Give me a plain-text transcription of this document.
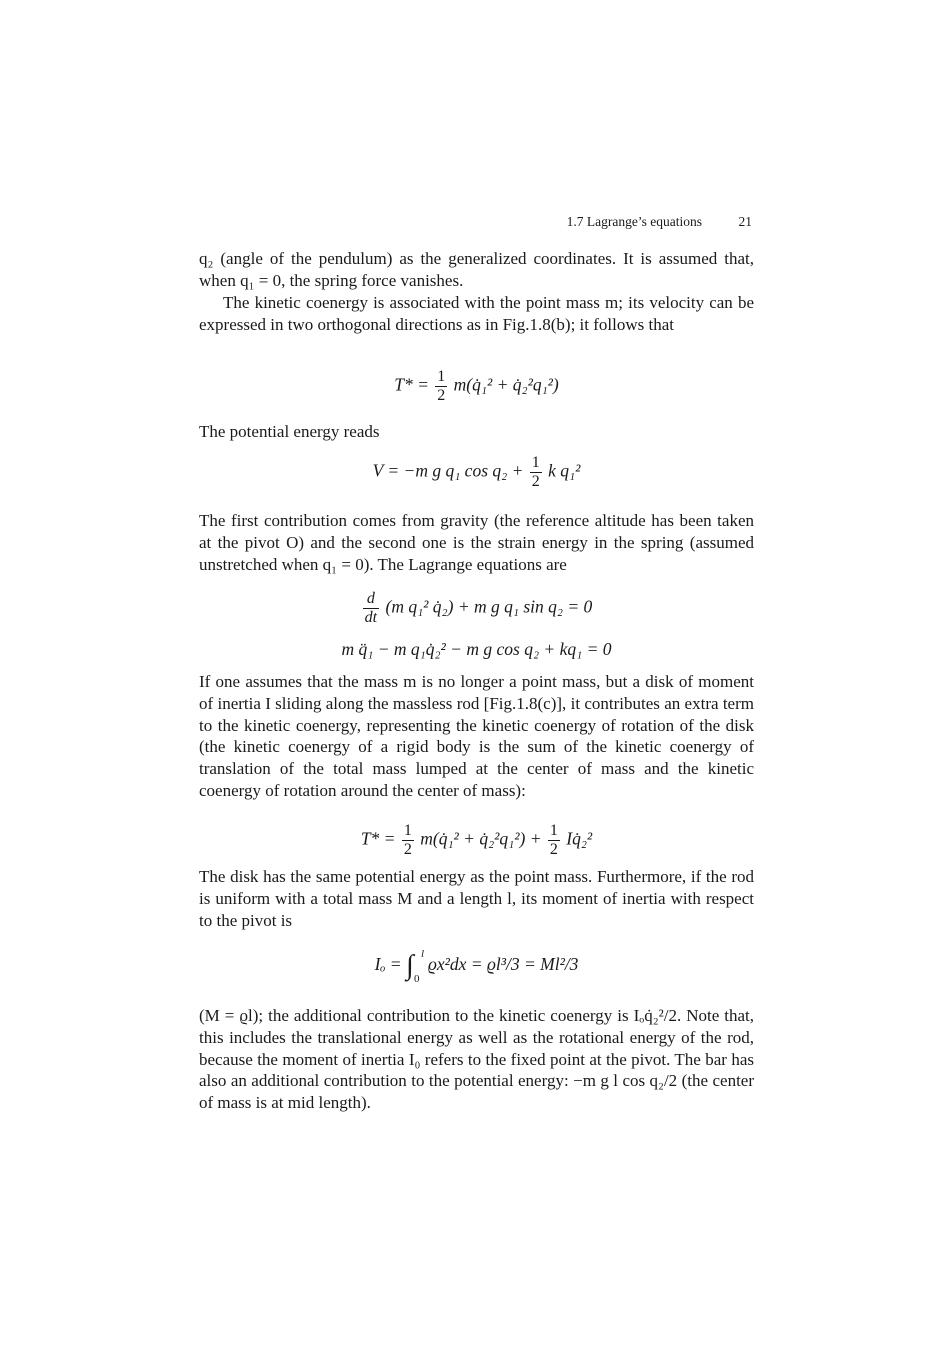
1.7 Lagrange’s equations	21

q₂ (angle of the pendulum) as the generalized coordinates. It is assumed that, when q₁ = 0, the spring force vanishes.

The kinetic coenergy is associated with the point mass m; its velocity can be expressed in two orthogonal directions as in Fig.1.8(b); it follows that

$T* = \frac{1}{2}$ m(q̇₁² + q̇₂²q₁²)

The potential energy reads

V = −m g q₁ $\cos q_2 + \frac{1}{2}$ k q₁²

The first contribution comes from gravity (the reference altitude has been taken at the pivot O) and the second one is the strain energy in the spring (assumed unstretched when q₁ = 0). The Lagrange equations are

$\frac{d}{dt} (m$ q₁² q̇₂) + m g q₁ sin q₂ = 0
m q̈₁ − m q₁q̇₂² − m g cos q₂ + kq₁ = 0

If one assumes that the mass m is no longer a point mass, but a disk of moment of inertia I sliding along the massless rod [Fig.1.8(c)], it contributes an extra term to the kinetic coenergy, representing the kinetic coenergy of rotation of the disk (the kinetic coenergy of a rigid body is the sum of the kinetic coenergy of translation of the total mass lumped at the center of mass and the kinetic coenergy of rotation around the center of mass):

$T* = \frac{1}{2}$ m(q̇₁² + q̇₂²q₁²) + $\frac{1}{2}$ Iq̇₂²

The disk has the same potential energy as the point mass. Furthermore, if the rod is uniform with a total mass M and a length l, its moment of inertia with respect to the pivot is

Iₒ = ∫ l
0
ϱx²dx = ϱl³/3 = Ml²/3

(M = ϱl); the additional contribution to the kinetic coenergy is Iₒq̇₂²/2. Note that, this includes the translational energy as well as the rotational energy of the rod, because the moment of inertia I₀ refers to the fixed point at the pivot. The bar has also an additional contribution to the potential energy: −m g l cos q₂/2 (the center of mass is at mid length).
